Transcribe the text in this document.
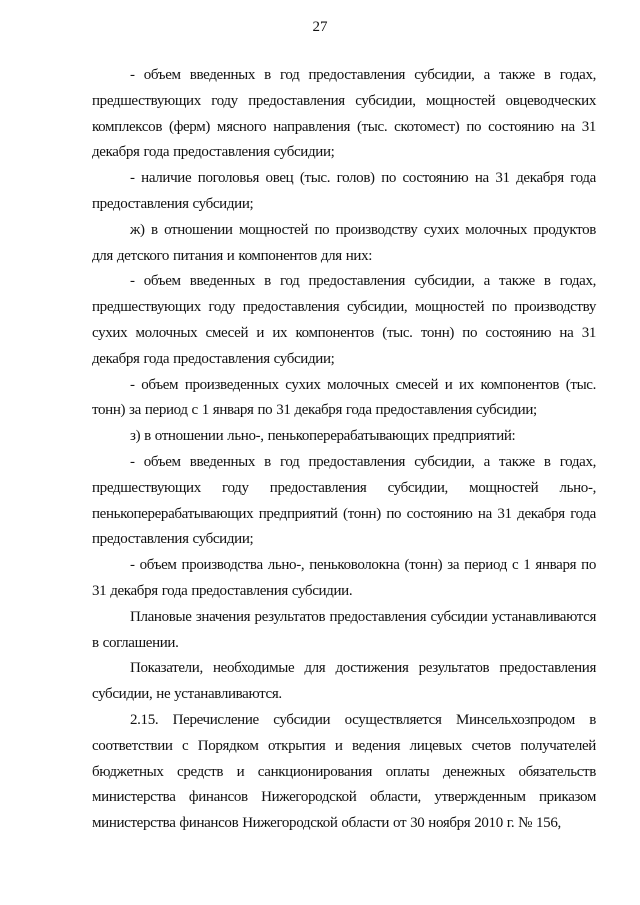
27

- объем введенных в год предоставления субсидии, а также в годах, предшествующих году предоставления субсидии, мощностей овцеводческих комплексов (ферм) мясного направления (тыс. скотомест) по состоянию на 31 декабря года предоставления субсидии;

- наличие поголовья овец (тыс. голов) по состоянию на 31 декабря года предоставления субсидии;

ж) в отношении мощностей по производству сухих молочных продуктов для детского питания и компонентов для них:

- объем введенных в год предоставления субсидии, а также в годах, предшествующих году предоставления субсидии, мощностей по производству сухих молочных смесей и их компонентов (тыс. тонн) по состоянию на 31 декабря года предоставления субсидии;

- объем произведенных сухих молочных смесей и их компонентов (тыс. тонн) за период с 1 января по 31 декабря года предоставления субсидии;

з) в отношении льно-, пенькоперерабатывающих предприятий:

- объем введенных в год предоставления субсидии, а также в годах, предшествующих году предоставления субсидии, мощностей льно-, пенькоперерабатывающих предприятий (тонн) по состоянию на 31 декабря года предоставления субсидии;

- объем производства льно-, пеньковолокна (тонн) за период с 1 января по 31 декабря года предоставления субсидии.

Плановые значения результатов предоставления субсидии устанавливаются в соглашении.

Показатели, необходимые для достижения результатов предоставления субсидии, не устанавливаются.

2.15. Перечисление субсидии осуществляется Минсельхозпродом в соответствии с Порядком открытия и ведения лицевых счетов получателей бюджетных средств и санкционирования оплаты денежных обязательств министерства финансов Нижегородской области, утвержденным приказом министерства финансов Нижегородской области от 30 ноября 2010 г. № 156,
